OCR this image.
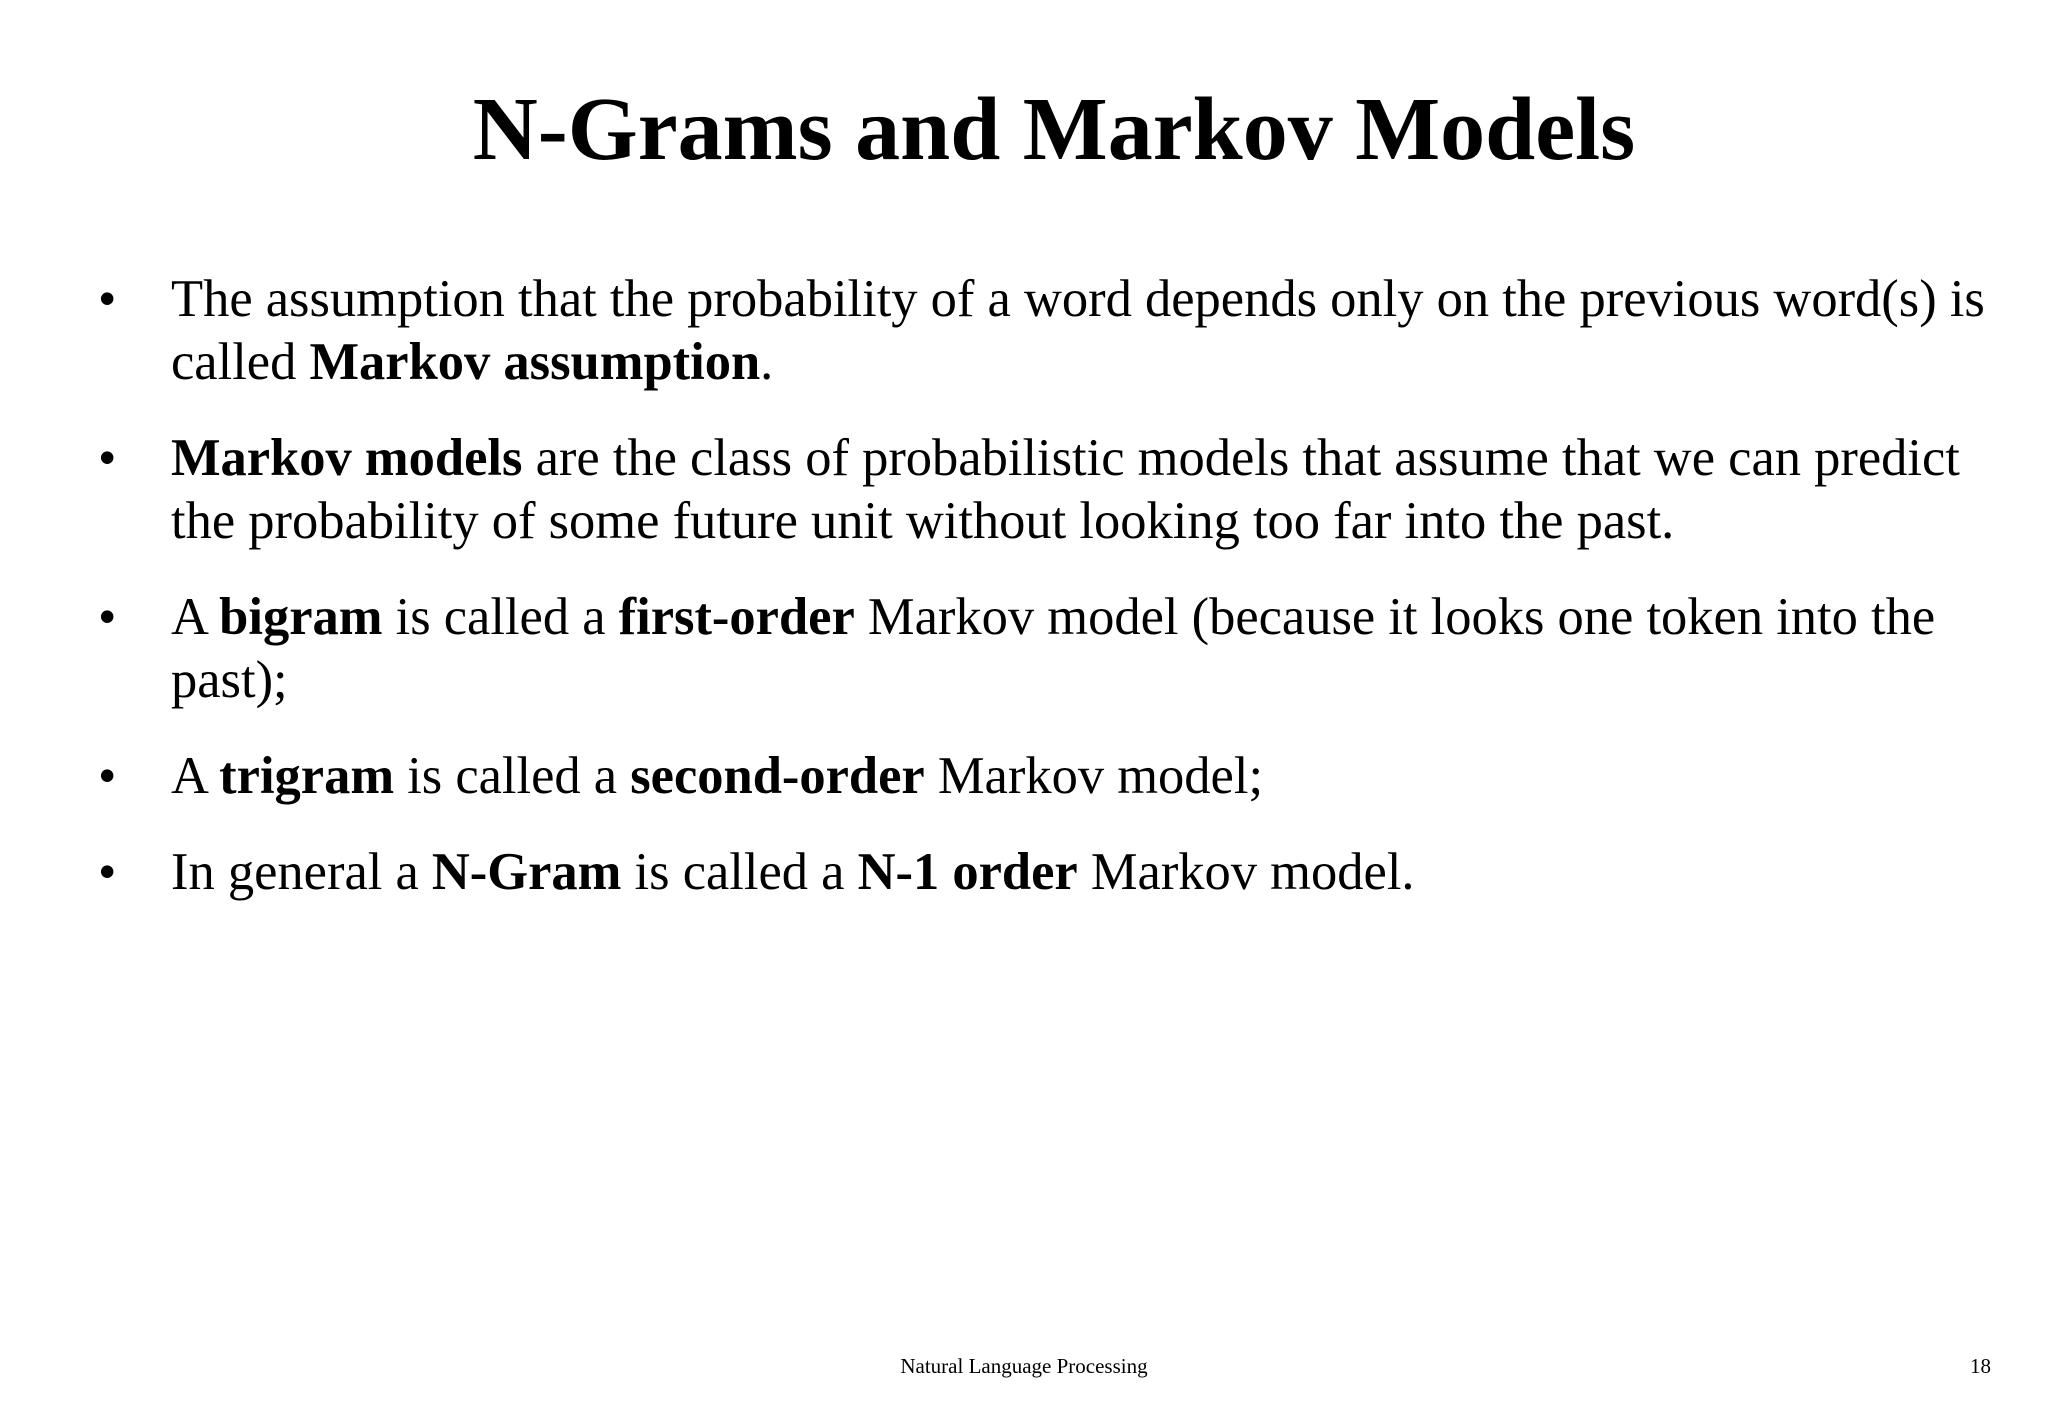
N-Grams and Markov Models
• The assumption that the probability of a word depends only on the previous word(s) is called Markov assumption.
• Markov models are the class of probabilistic models that assume that we can predict the probability of some future unit without looking too far into the past.
• A bigram is called a first-order Markov model (because it looks one token into the past);
• A trigram is called a second-order Markov model;
• In general a N-Gram is called a N-1 order Markov model.
Natural Language Processing	18
